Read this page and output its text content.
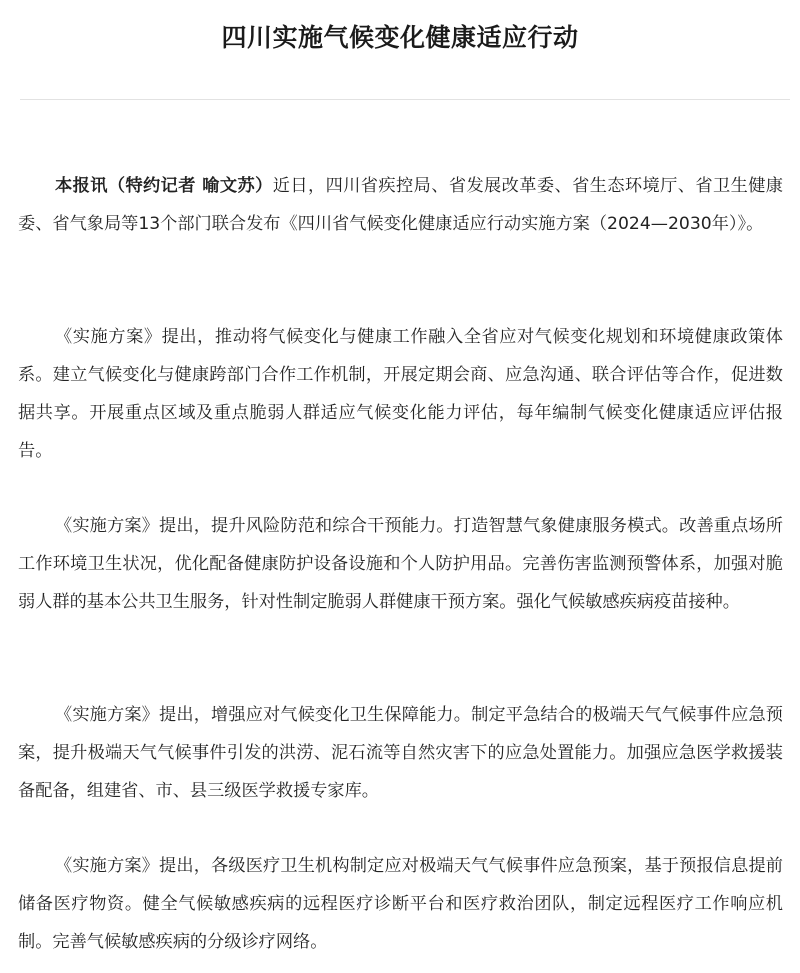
四川实施气候变化健康适应行动

本报讯（特约记者 喻文苏）近日，四川省疾控局、省发展改革委、省生态环境厅、省卫生健康委、省气象局等13个部门联合发布《四川省气候变化健康适应行动实施方案（2024—2030年）》。

《实施方案》提出，推动将气候变化与健康工作融入全省应对气候变化规划和环境健康政策体系。建立气候变化与健康跨部门合作工作机制，开展定期会商、应急沟通、联合评估等合作，促进数据共享。开展重点区域及重点脆弱人群适应气候变化能力评估，每年编制气候变化健康适应评估报告。

《实施方案》提出，提升风险防范和综合干预能力。打造智慧气象健康服务模式。改善重点场所工作环境卫生状况，优化配备健康防护设备设施和个人防护用品。完善伤害监测预警体系，加强对脆弱人群的基本公共卫生服务，针对性制定脆弱人群健康干预方案。强化气候敏感疾病疫苗接种。

《实施方案》提出，增强应对气候变化卫生保障能力。制定平急结合的极端天气气候事件应急预案，提升极端天气气候事件引发的洪涝、泥石流等自然灾害下的应急处置能力。加强应急医学救援装备配备，组建省、市、县三级医学救援专家库。

《实施方案》提出，各级医疗卫生机构制定应对极端天气气候事件应急预案，基于预报信息提前储备医疗物资。健全气候敏感疾病的远程医疗诊断平台和医疗救治团队，制定远程医疗工作响应机制。完善气候敏感疾病的分级诊疗网络。
